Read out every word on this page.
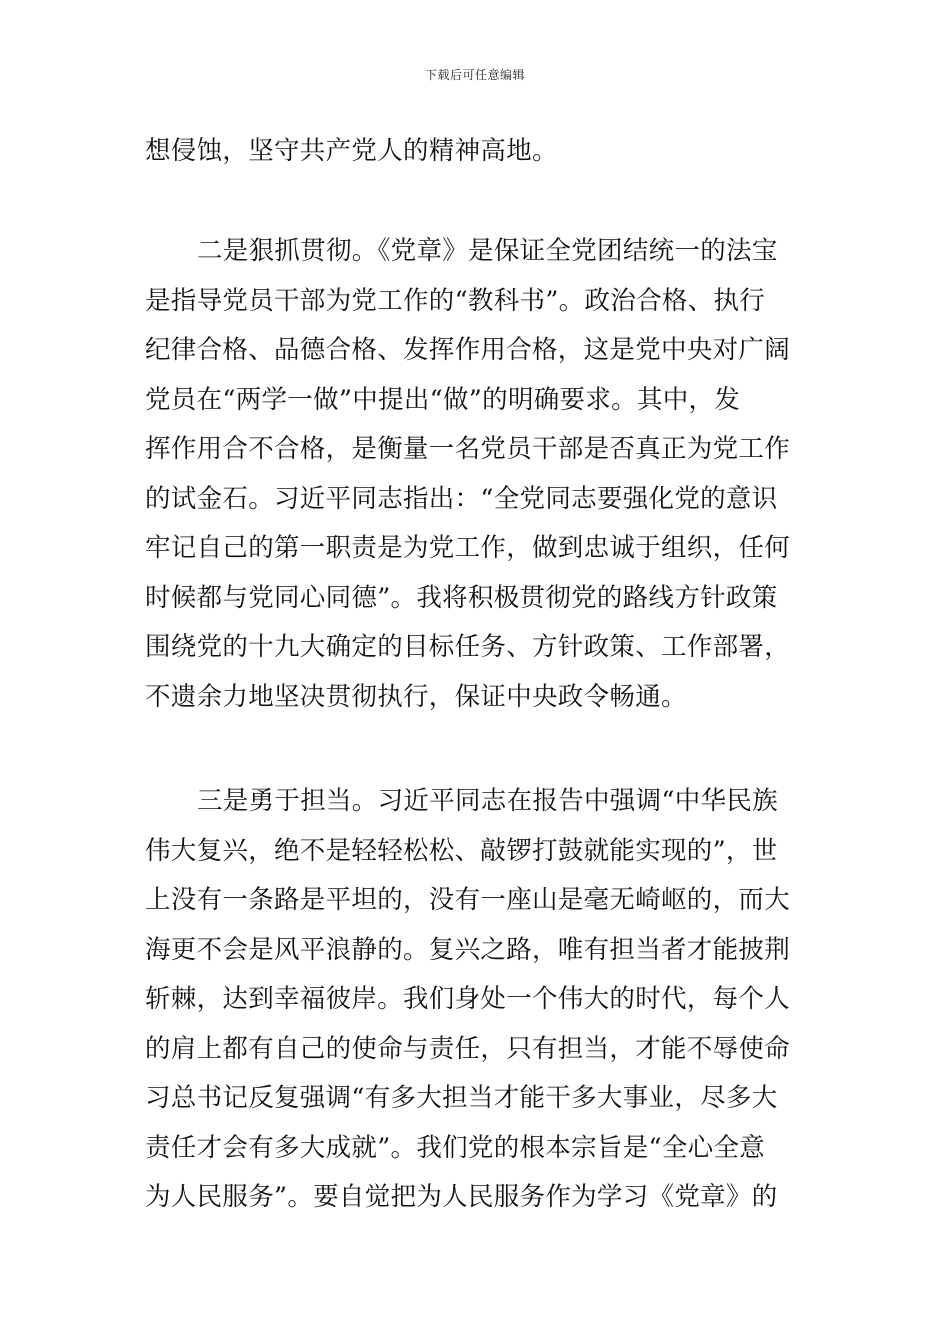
下载后可任意编辑
想侵蚀，坚守共产党人的精神高地。
二是狠抓贯彻。《党章》是保证全党团结统一的法宝
是指导党员干部为党工作的“教科书”。政治合格、执行
纪律合格、品德合格、发挥作用合格，这是党中央对广阔
党员在“两学一做”中提出“做”的明确要求。其中，发
挥作用合不合格，是衡量一名党员干部是否真正为党工作
的试金石。习近平同志指出：“全党同志要强化党的意识
牢记自己的第一职责是为党工作，做到忠诚于组织，任何
时候都与党同心同德”。我将积极贯彻党的路线方针政策
围绕党的十九大确定的目标任务、方针政策、工作部署，
不遗余力地坚决贯彻执行，保证中央政令畅通。
三是勇于担当。习近平同志在报告中强调“中华民族
伟大复兴，绝不是轻轻松松、敲锣打鼓就能实现的”，世
上没有一条路是平坦的，没有一座山是毫无崎岖的，而大
海更不会是风平浪静的。复兴之路，唯有担当者才能披荆
斩棘，达到幸福彼岸。我们身处一个伟大的时代，每个人
的肩上都有自己的使命与责任，只有担当，才能不辱使命
习总书记反复强调“有多大担当才能干多大事业，尽多大
责任才会有多大成就”。我们党的根本宗旨是“全心全意
为人民服务”。要自觉把为人民服务作为学习《党章》的
